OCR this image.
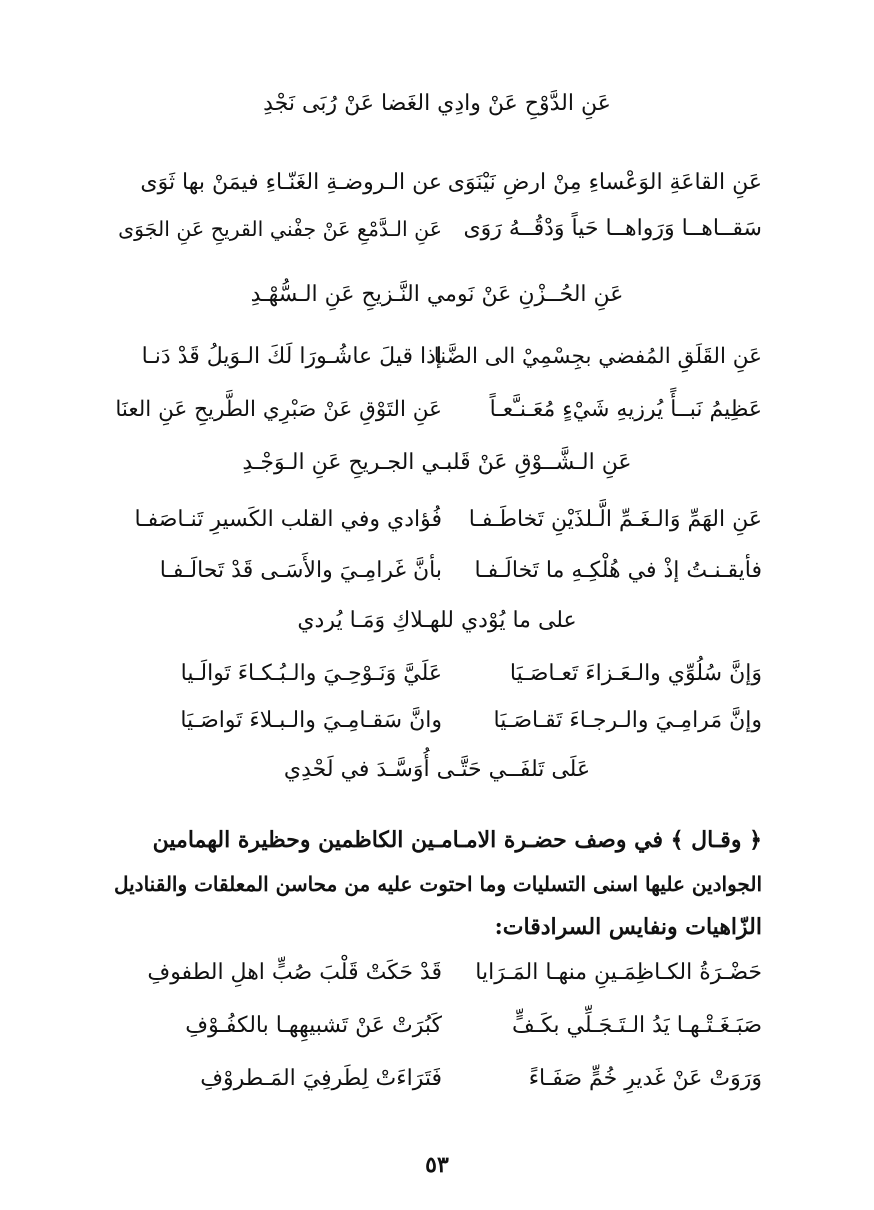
عَنِ الدَّوْحِ عَنْ وادِي الغَضا عَنْ رُبَى نَجْدِ
عَنِ القاعَةِ الوَعْساءِ مِنْ ارضِ نَيْنَوَى
عن الـروضـةِ الغَنّـاءِ فيمَنْ بها ثَوَى
سَقــاهــا وَرَواهــا حَياً وَدْقُــهُ رَوَى
عَنِ الـدَّمْعِ عَنْ جفْني القريحِ عَنِ الجَوَى
عَنِ الحُــزْنِ عَنْ نَومي النَّـزيحِ عَنِ الـسُّهْـدِ
عَنِ القَلَقِ المُفضي بجِسْمِيْ الى الضَّنا
إذا قيلَ عاشُـورَا لَكَ الـوَيلُ قَدْ دَنـا
عَظِيمُ نَبــأً يُرزيهِ شَيْءٍ مُعَـنـَّعـاً
عَنِ التَوْقِ عَنْ صَبْرِي الطَّريحِ عَنِ العنَا
عَنِ الـشَّــوْقِ عَنْ قَلبـي الجـريحِ عَنِ الـوَجْـدِ
عَنِ الهَمِّ وَالـغَـمِّ الَّـلذَيْنِ تَخاطَـفـا
فُؤادي وفي القلب الكَسيرِ تَنـاصَفـا
فأيقـنـتُ إذْ في هُلْكِـهِ ما تَخالَـفـا
بأنَّ غَرامِـيَ والأَسَـى قَدْ تَحالَـفـا
على ما يُوْدي للهـلاكِ وَمَـا يُردي
وَإنَّ سُلُوِّي والـعَـزاءَ تَعـاصَـيَا
عَلَيَّ وَنَـوْحِـيَ والـبُـكـاءَ تَوالَـيا
وإنَّ مَرامِـيَ والـرجـاءَ تَقـاصَـيَا
وانَّ سَقـامِـيَ والـبـلاءَ تَواصَـيَا
عَلَى تَلفَــي حَتَّـى أُوَسَّـدَ في لَحْدِي
﴿ وقـال ﴾ في وصف حضـرة الامـامـين الكاظمين وحظيرة الهمامين
الجوادين عليها اسنى التسليات وما احتوت عليه من محاسن المعلقات والقناديل
الزّاهيات ونفايس السرادقات:
حَضْـرَةُ الكـاظِمَـينِ منهـا المَـرَايا
قَدْ حَكَتْ قَلْبَ صُبٍّ اهلِ الطفوفِ
صَبَـغَـتْـهـا يَدُ الـتَـجَـلِّي بكَـفٍّ
كَبُرَتْ عَنْ تَشبيهِهـا بالكفُـوْفِ
وَرَوَتْ عَنْ غَديرِ خُمٍّ صَفَـاءً
فَتَرَاءَتْ لِطَرفِيَ المَـطروْفِ
٥٣
